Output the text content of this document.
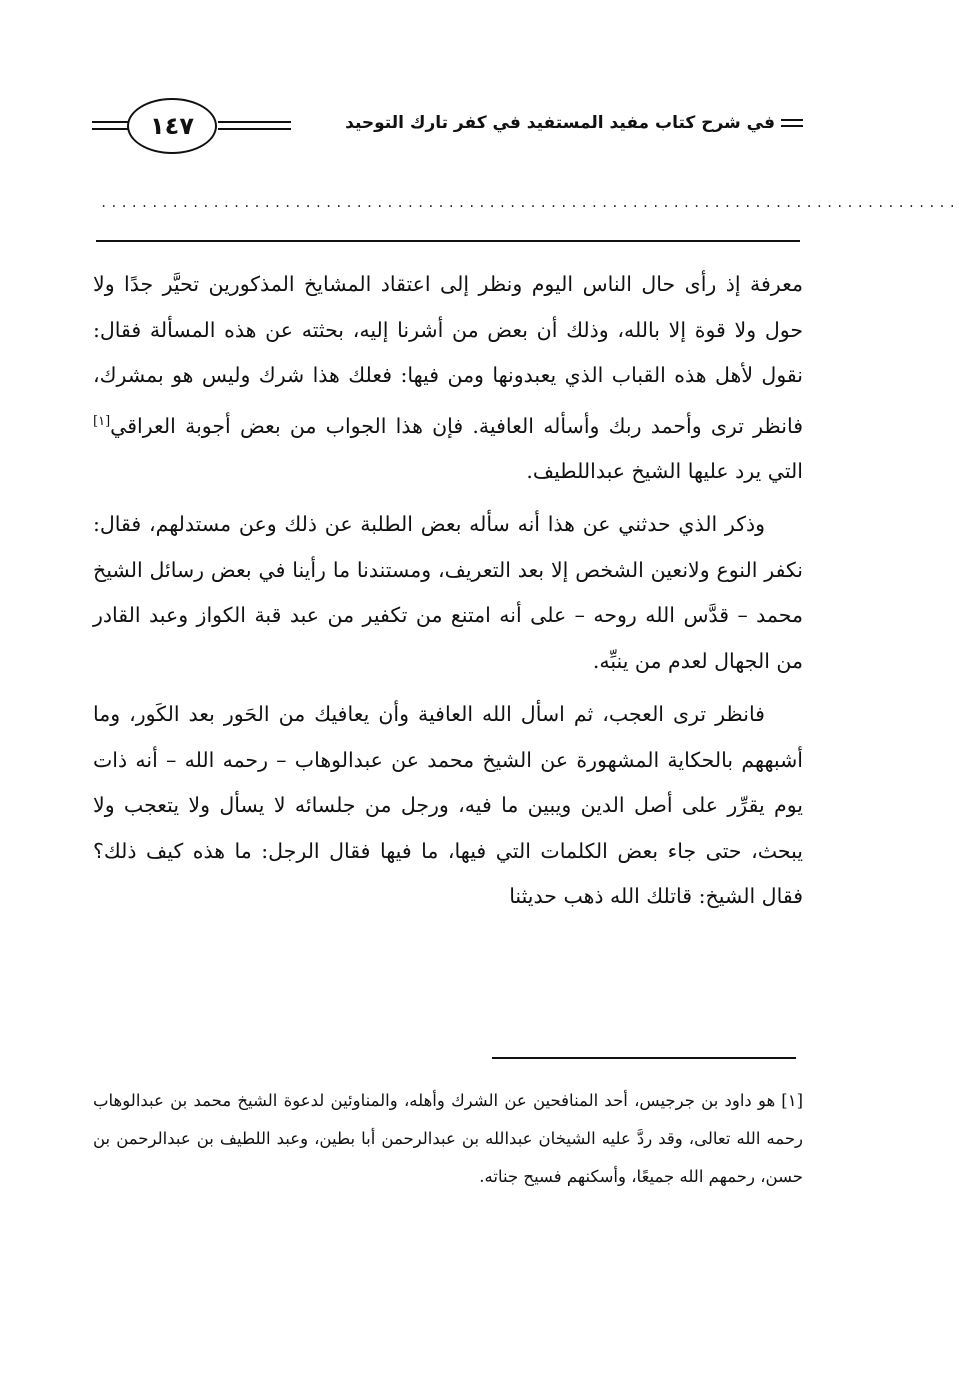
في شرح كتاب مفيد المستفيد في كفر تارك التوحيد
١٤٧
....................................................................................

معرفة إذ رأى حال الناس اليوم ونظر إلى اعتقاد المشايخ المذكورين تحيَّر جدًا ولا حول ولا قوة إلا بالله، وذلك أن بعض من أشرنا إليه، بحثته عن هذه المسألة فقال: نقول لأهل هذه القباب الذي يعبدونها ومن فيها: فعلك هذا شرك وليس هو بمشرك، فانظر ترى وأحمد ربك وأسأله العافية. فإن هذا الجواب من بعض أجوبة العراقي[١] التي يرد عليها الشيخ عبداللطيف.

وذكر الذي حدثني عن هذا أنه سأله بعض الطلبة عن ذلك وعن مستدلهم، فقال: نكفر النوع ولانعين الشخص إلا بعد التعريف، ومستندنا ما رأينا في بعض رسائل الشيخ محمد – قدَّس الله روحه – على أنه امتنع من تكفير من عبد قبة الكواز وعبد القادر من الجهال لعدم من ينبِّه.

فانظر ترى العجب، ثم اسأل الله العافية وأن يعافيك من الحَور بعد الكَور، وما أشبههم بالحكاية المشهورة عن الشيخ محمد عن عبدالوهاب – رحمه الله – أنه ذات يوم يقرِّر على أصل الدين ويبين ما فيه، ورجل من جلسائه لا يسأل ولا يتعجب ولا يبحث، حتى جاء بعض الكلمات التي فيها، ما فيها فقال الرجل: ما هذه كيف ذلك؟ فقال الشيخ: قاتلك الله ذهب حديثنا

[١]هو داود بن جرجيس، أحد المنافحين عن الشرك وأهله، والمناوئين لدعوة الشيخ محمد بن عبدالوهاب رحمه الله تعالى، وقد ردَّ عليه الشيخان عبدالله بن عبدالرحمن أبا بطين، وعبد اللطيف بن عبدالرحمن بن حسن، رحمهم الله جميعًا، وأسكنهم فسيح جناته.
